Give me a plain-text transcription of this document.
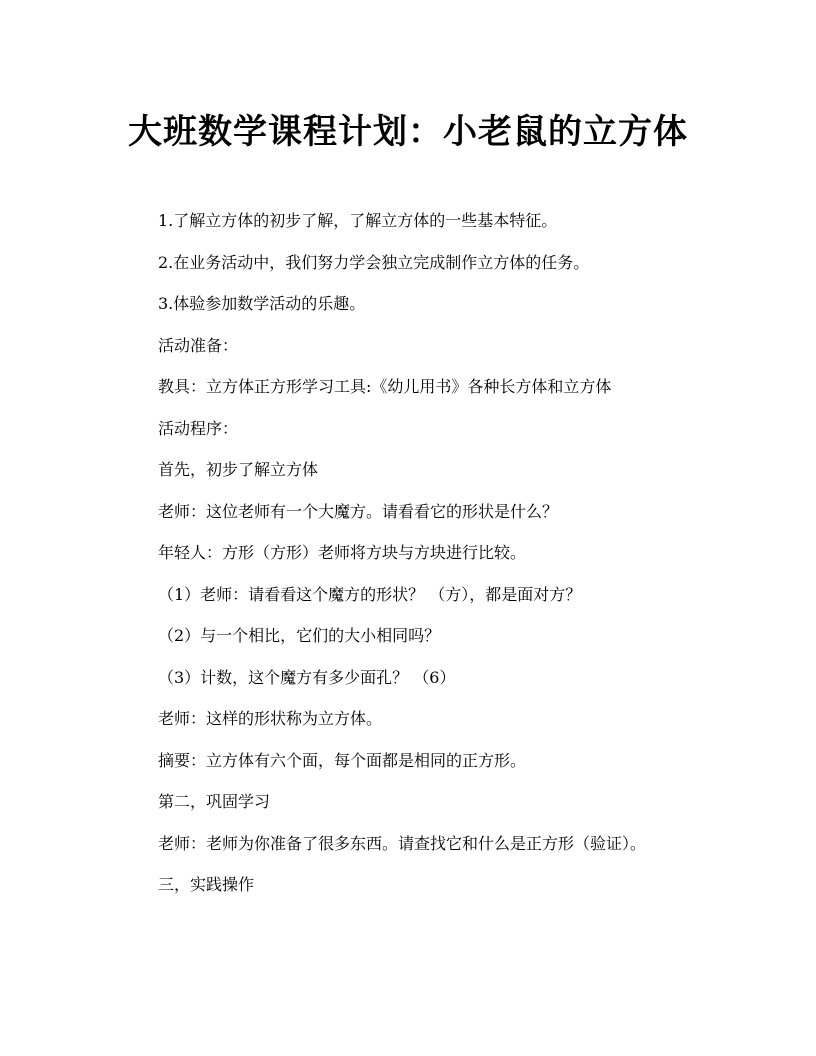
大班数学课程计划：小老鼠的立方体

1.了解立方体的初步了解，了解立方体的一些基本特征。

2.在业务活动中，我们努力学会独立完成制作立方体的任务。

3.体验参加数学活动的乐趣。

活动准备：

教具：立方体正方形学习工具:《幼儿用书》各种长方体和立方体

活动程序：

首先，初步了解立方体

老师：这位老师有一个大魔方。请看看它的形状是什么？

年轻人：方形（方形）老师将方块与方块进行比较。

（1）老师：请看看这个魔方的形状？ （方），都是面对方？

（2）与一个相比，它们的大小相同吗？

（3）计数，这个魔方有多少面孔？ （6）

老师：这样的形状称为立方体。

摘要：立方体有六个面，每个面都是相同的正方形。

第二，巩固学习

老师：老师为你准备了很多东西。请查找它和什么是正方形（验证）。

三，实践操作
